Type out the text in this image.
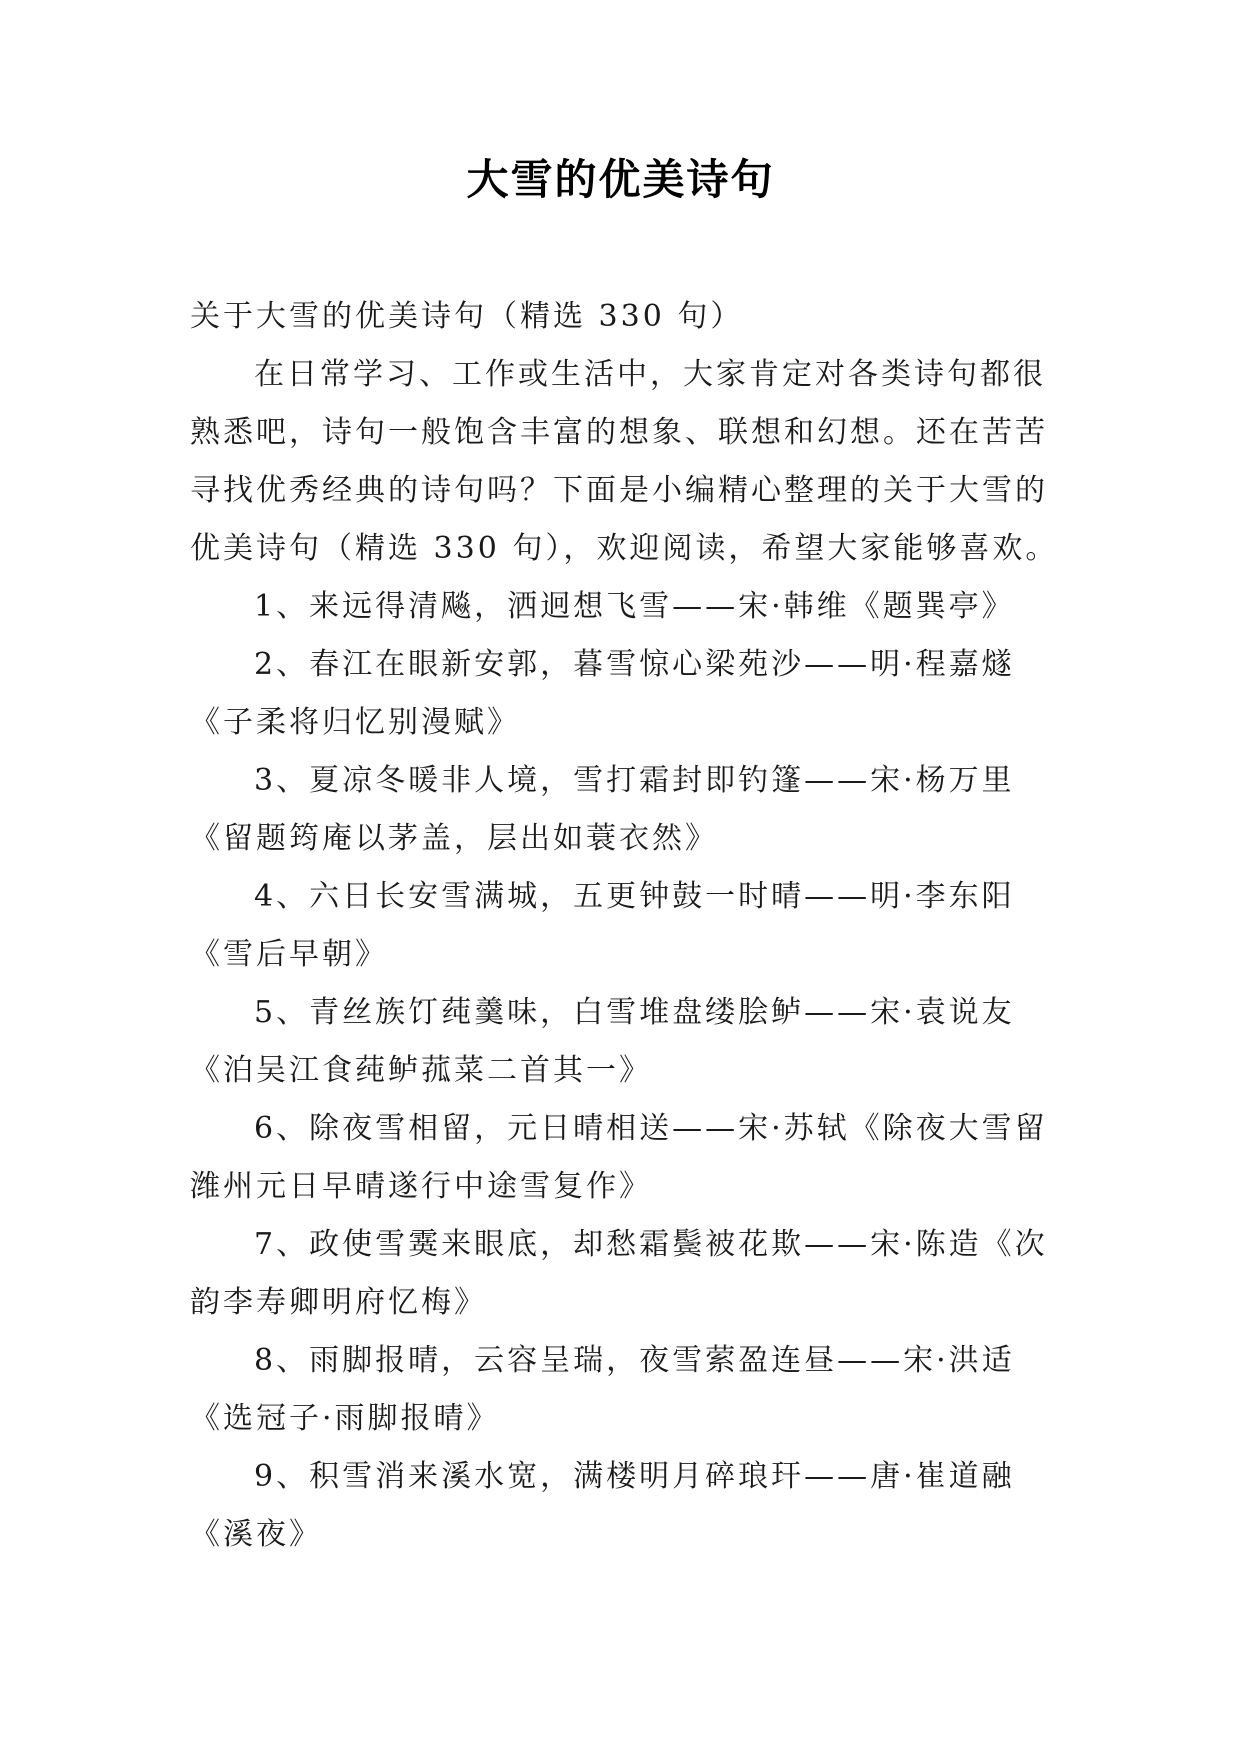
大雪的优美诗句

关于大雪的优美诗句（精选 330 句）

在日常学习、工作或生活中，大家肯定对各类诗句都很熟悉吧，诗句一般饱含丰富的想象、联想和幻想。还在苦苦寻找优秀经典的诗句吗？下面是小编精心整理的关于大雪的优美诗句（精选 330 句），欢迎阅读，希望大家能够喜欢。

1、来远得清飚，洒迥想飞雪——宋·韩维《题巽亭》

2、春江在眼新安郭，暮雪惊心梁苑沙——明·程嘉燧《子柔将归忆别漫赋》

3、夏凉冬暖非人境，雪打霜封即钓篷——宋·杨万里《留题筠庵以茅盖，层出如蓑衣然》

4、六日长安雪满城，五更钟鼓一时晴——明·李东阳《雪后早朝》

5、青丝族饤莼羹味，白雪堆盘缕脍鲈——宋·袁说友《泊吴江食莼鲈菰菜二首其一》

6、除夜雪相留，元日晴相送——宋·苏轼《除夜大雪留潍州元日早晴遂行中途雪复作》

7、政使雪霙来眼底，却愁霜鬓被花欺——宋·陈造《次韵李寿卿明府忆梅》

8、雨脚报晴，云容呈瑞，夜雪萦盈连昼——宋·洪适《选冠子·雨脚报晴》

9、积雪消来溪水宽，满楼明月碎琅玕——唐·崔道融《溪夜》
